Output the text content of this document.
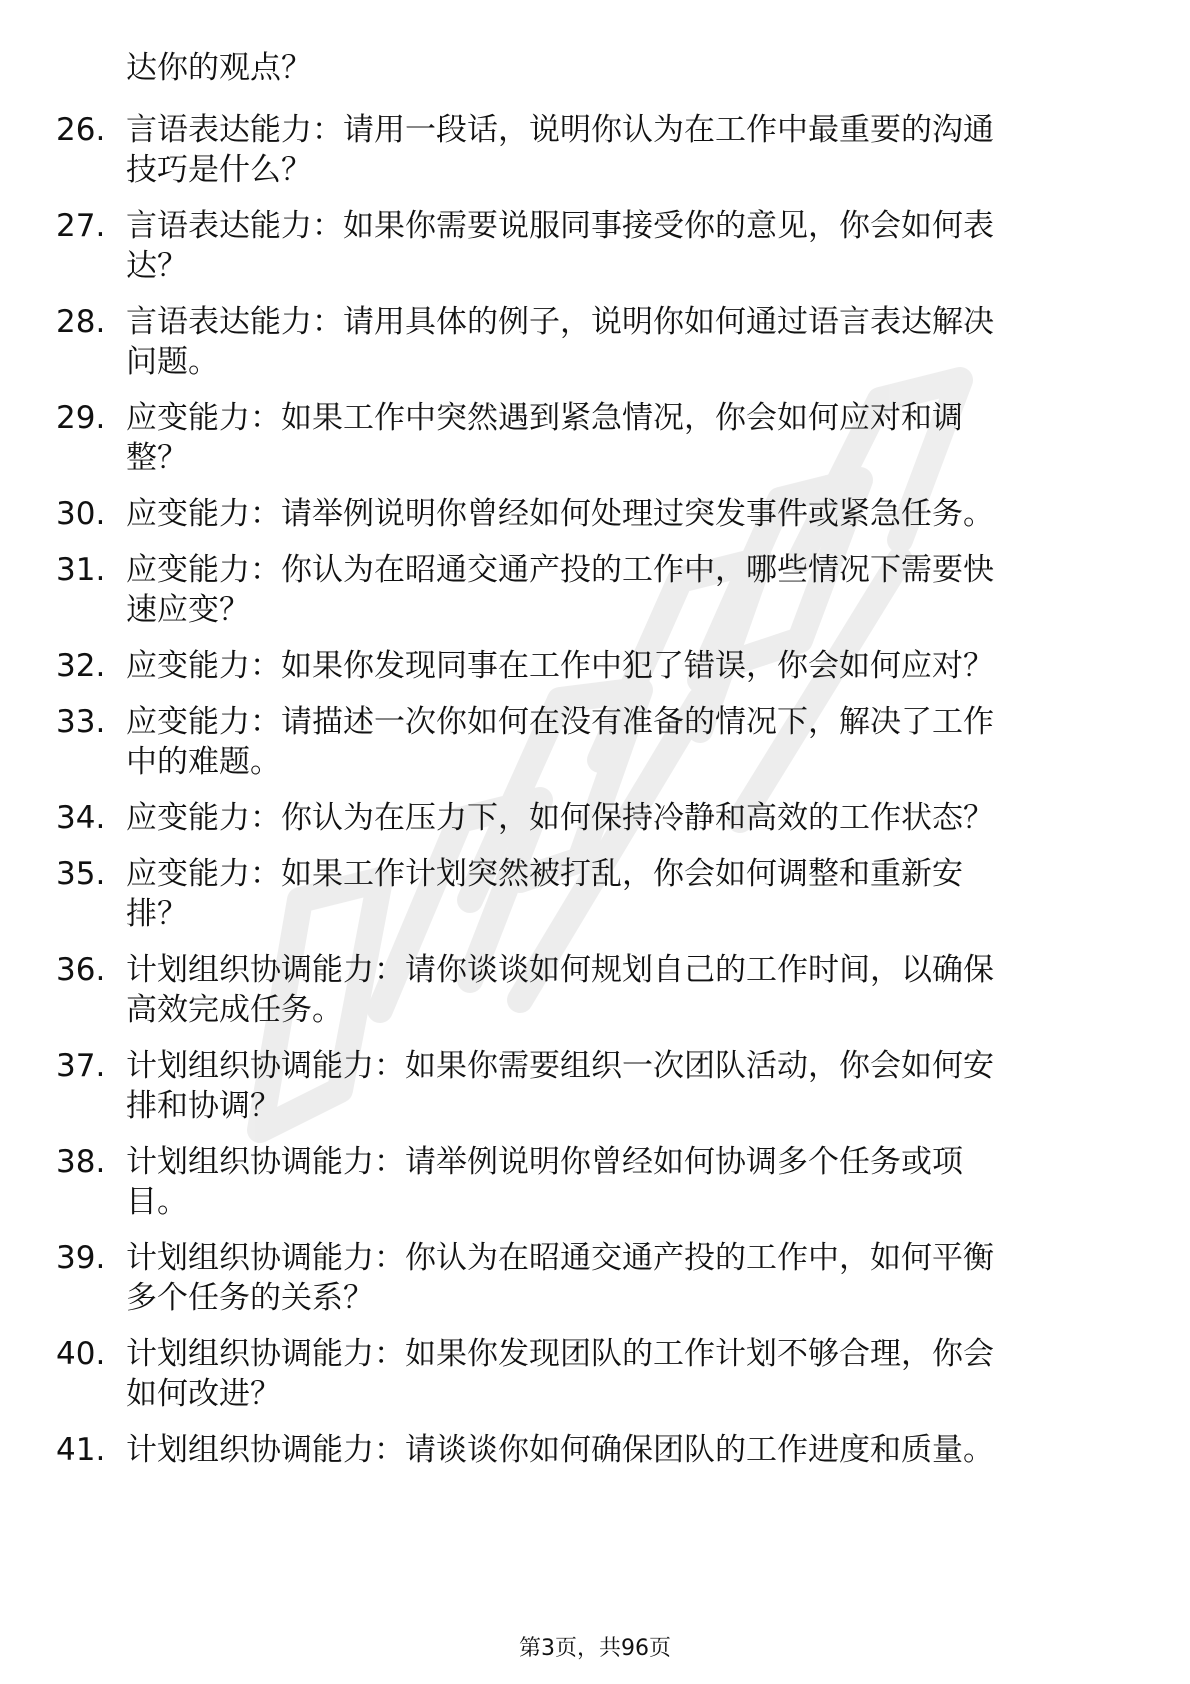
达你的观点？
26. 言语表达能力：请用一段话，说明你认为在工作中最重要的沟通
技巧是什么？
27. 言语表达能力：如果你需要说服同事接受你的意见，你会如何表
达？
28. 言语表达能力：请用具体的例子，说明你如何通过语言表达解决
问题。
29. 应变能力：如果工作中突然遇到紧急情况，你会如何应对和调
整？
30. 应变能力：请举例说明你曾经如何处理过突发事件或紧急任务。
31. 应变能力：你认为在昭通交通产投的工作中，哪些情况下需要快
速应变？
32. 应变能力：如果你发现同事在工作中犯了错误，你会如何应对？
33. 应变能力：请描述一次你如何在没有准备的情况下，解决了工作
中的难题。
34. 应变能力：你认为在压力下，如何保持冷静和高效的工作状态？
35. 应变能力：如果工作计划突然被打乱，你会如何调整和重新安
排？
36. 计划组织协调能力：请你谈谈如何规划自己的工作时间，以确保
高效完成任务。
37. 计划组织协调能力：如果你需要组织一次团队活动，你会如何安
排和协调？
38. 计划组织协调能力：请举例说明你曾经如何协调多个任务或项
目。
39. 计划组织协调能力：你认为在昭通交通产投的工作中，如何平衡
多个任务的关系？
40. 计划组织协调能力：如果你发现团队的工作计划不够合理，你会
如何改进？
41. 计划组织协调能力：请谈谈你如何确保团队的工作进度和质量。
第3页，共96页
